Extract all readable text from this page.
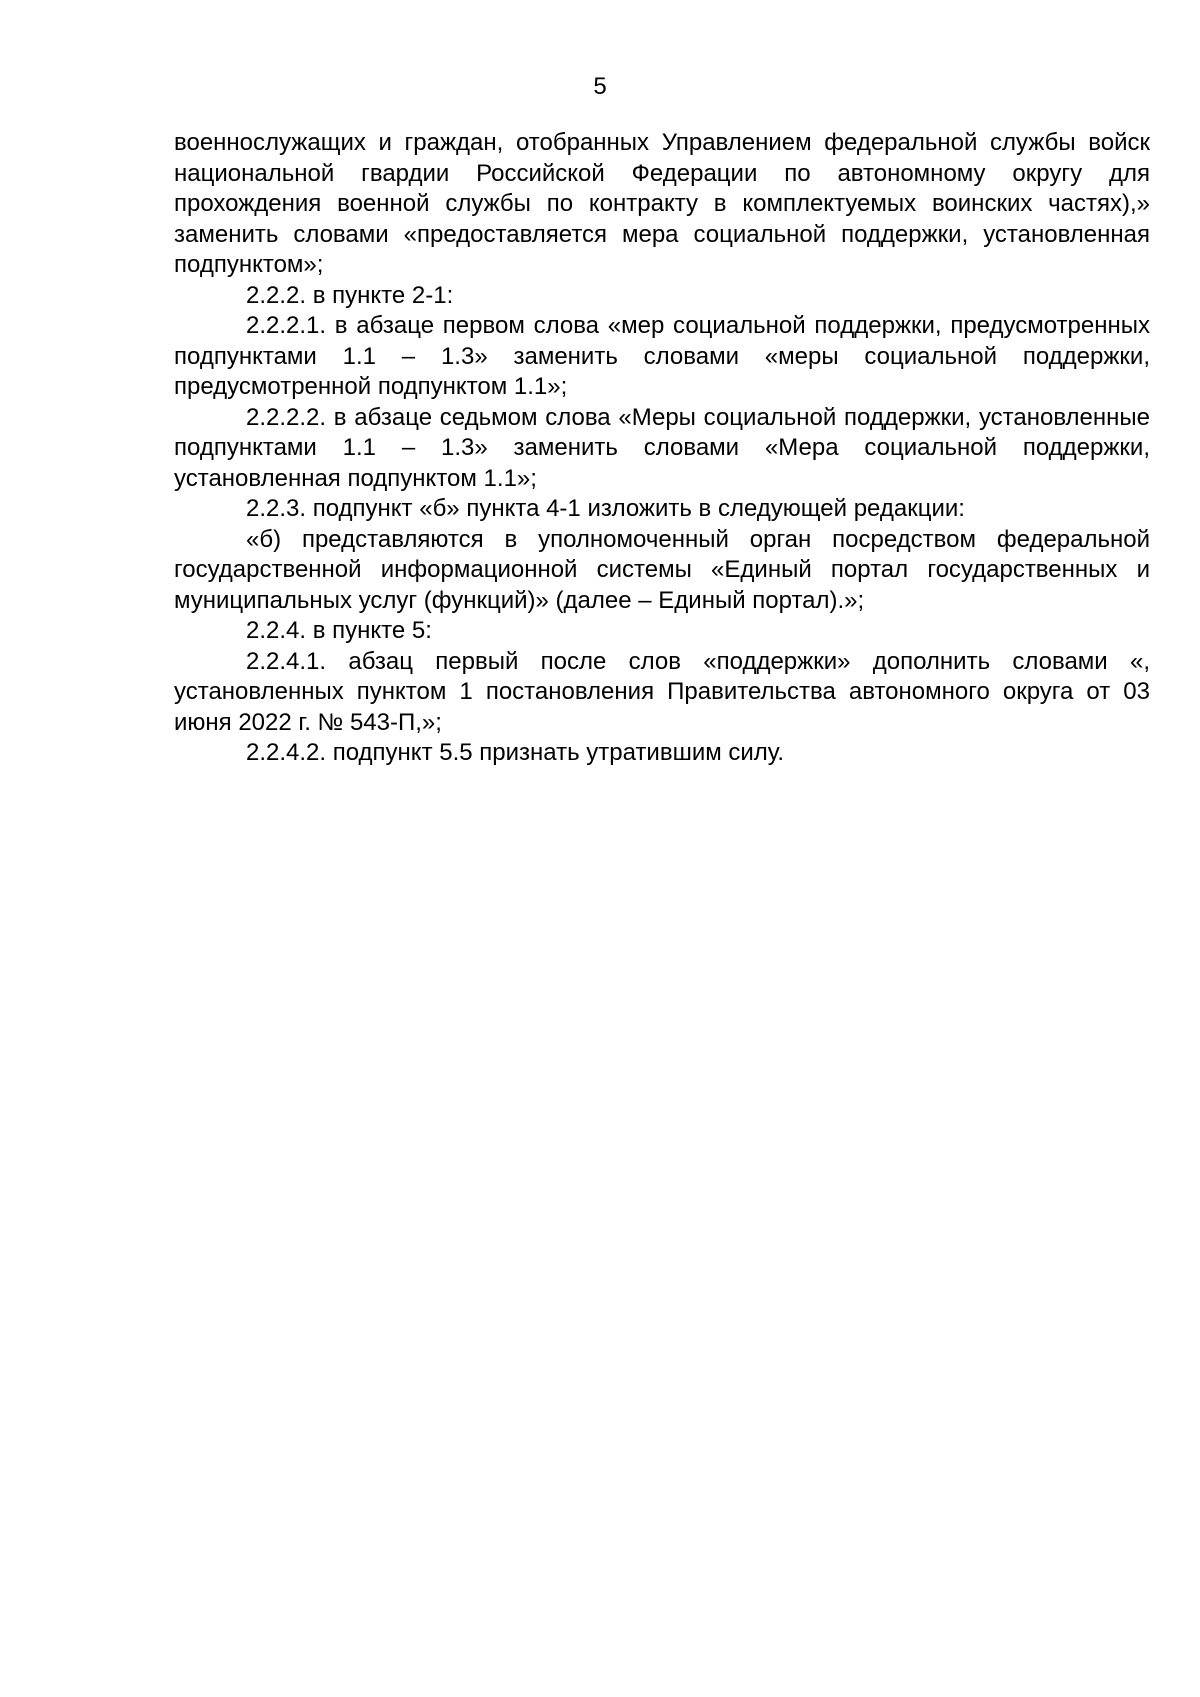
5

военнослужащих и граждан, отобранных Управлением федеральной службы войск национальной гвардии Российской Федерации по автономному округу для прохождения военной службы по контракту в комплектуемых воинских частях),» заменить словами «предоставляется мера социальной поддержки, установленная подпунктом»;

2.2.2. в пункте 2-1:

2.2.2.1. в абзаце первом слова «мер социальной поддержки, предусмотренных подпунктами 1.1 – 1.3» заменить словами «меры социальной поддержки, предусмотренной подпунктом 1.1»;

2.2.2.2. в абзаце седьмом слова «Меры социальной поддержки, установленные подпунктами 1.1 – 1.3» заменить словами «Мера социальной поддержки, установленная подпунктом 1.1»;

2.2.3. подпункт «б» пункта 4-1 изложить в следующей редакции:

«б) представляются в уполномоченный орган посредством федеральной государственной информационной системы «Единый портал государственных и муниципальных услуг (функций)» (далее – Единый портал).»;

2.2.4. в пункте 5:

2.2.4.1. абзац первый после слов «поддержки» дополнить словами «, установленных пунктом 1 постановления Правительства автономного округа от 03 июня 2022 г. № 543-П,»;

2.2.4.2. подпункт 5.5 признать утратившим силу.
